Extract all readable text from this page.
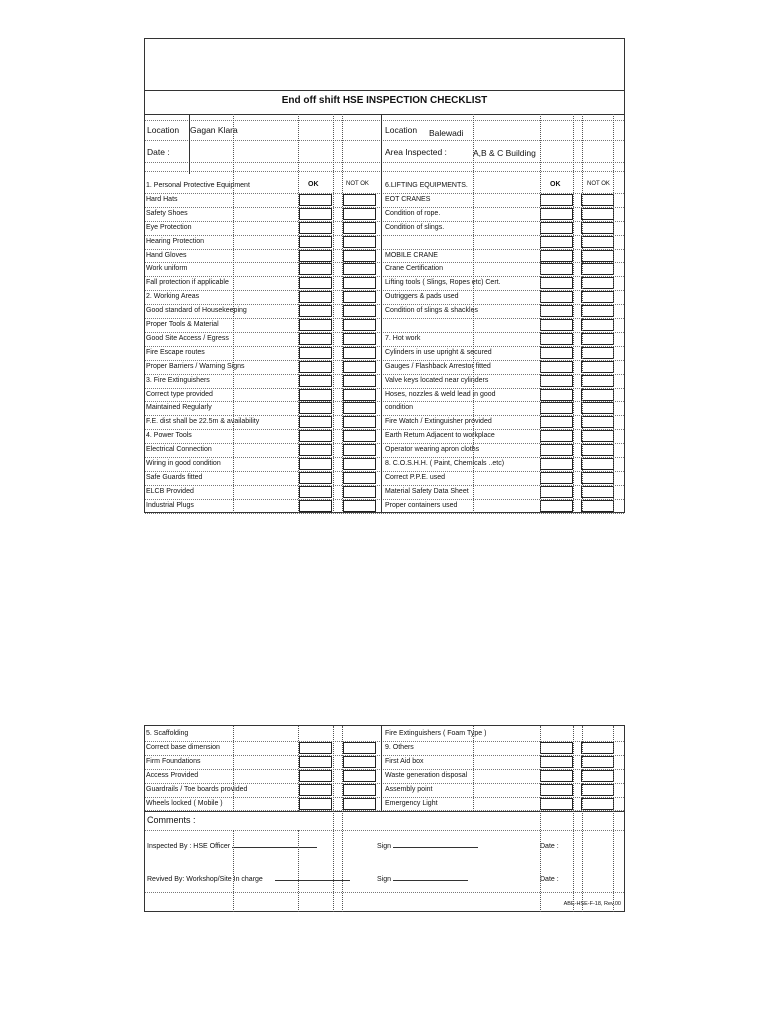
End off shift HSE INSPECTION CHECKLIST
Location Gagan Klara	Location Balewadi
Date :	Area Inspected :	A,B & C Building
OK	NOT OK	OK	NOT OK
1. Personal Protective Equipment	6.LIFTING EQUIPMENTS.
Hard Hats	EOT CRANES
Safety Shoes	Condition of rope.
Eye Protection	Condition of slings.
Hearing Protection
Hand Gloves	MOBILE CRANE
Work uniform	Crane Certification
Fall protection if applicable	Lifting tools ( Slings, Ropes etc) Cert.
2. Working Areas	Outriggers & pads used
Good standard of Housekeeping	Condition of slings & shackles
Proper Tools & Material
Good Site Access / Egress	7. Hot work
Fire Escape routes	Cylinders in use upright & secured
Proper Barriers / Warning Signs	Gauges / Flashback Arrestor fitted
3. Fire Extinguishers	Valve keys located near cylinders
Correct type provided	Hoses, nozzles & weld lead in good
Maintained Regularly	condition
F.E. dist shall be 22.5m & availability	Fire Watch / Extinguisher provided
4. Power Tools	Earth Return Adjacent to workplace
Electrical Connection	Operator wearing apron cloths
Wiring in good condition	8. C.O.S.H.H. ( Paint, Chemicals ..etc)
Safe Guards fitted	Correct P.P.E. used
ELCB Provided	Material Safety Data Sheet
Industrial Plugs	Proper containers used
5. Scaffolding	Fire Extinguishers ( Foam Type )
Correct base dimension	9. Others
Firm Foundations	First Aid box
Access Provided	Waste generation disposal
Guardrails / Toe boards provided	Assembly point
Wheels locked ( Mobile )	Emergency Light
Comments :
Inspected By : HSE Officer	Sign	Date :
Revived By: Workshop/Site In charge	Sign	Date :
ABE-HSE-F-18, Rev.00
